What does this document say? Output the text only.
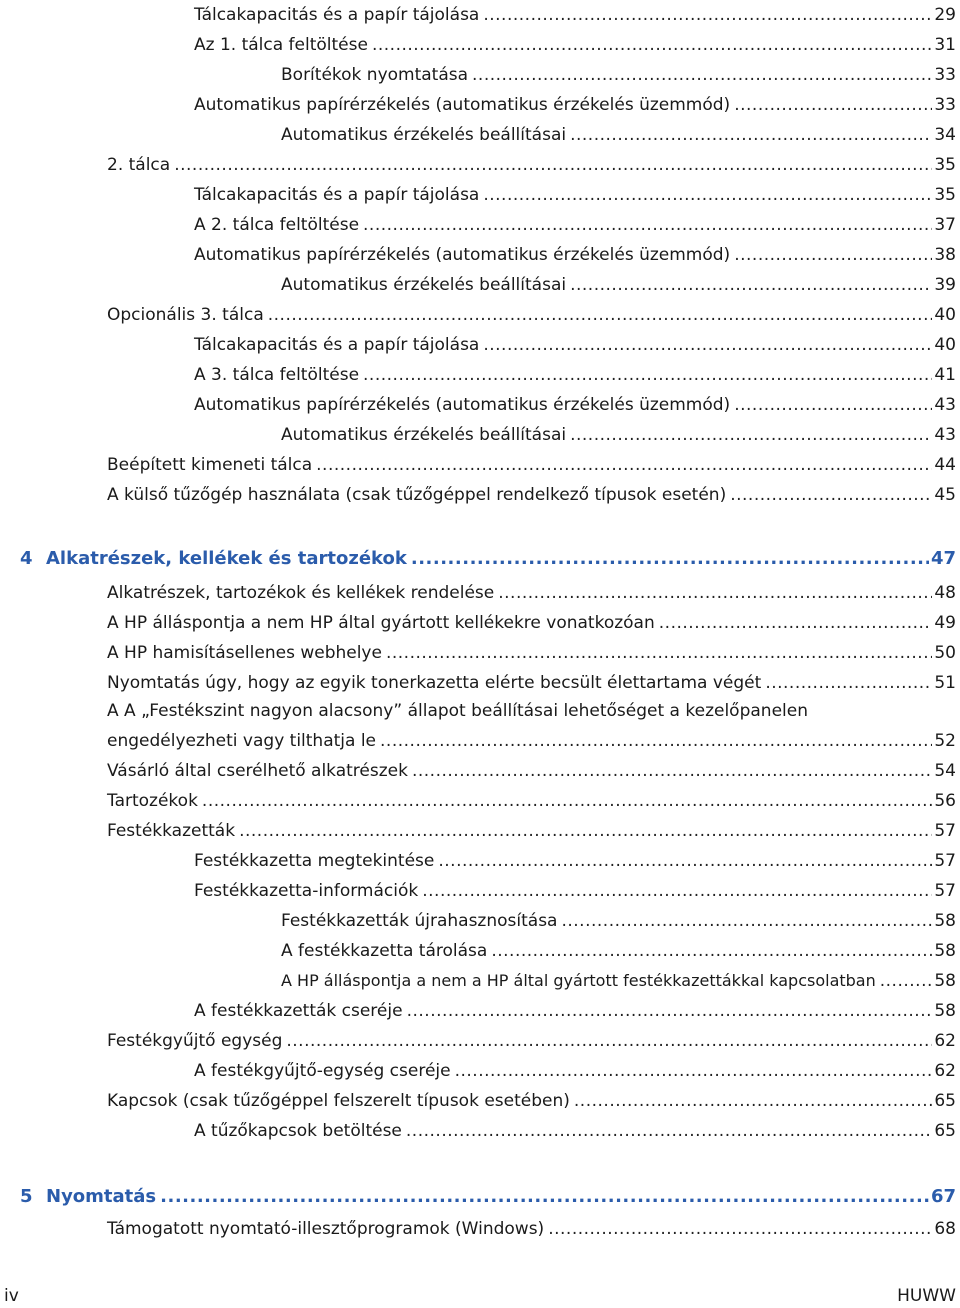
Tálcakapacitás és a papír tájolása .....	29
Az 1. tálca feltöltése .....	31
Borítékok nyomtatása .....	33
Automatikus papírérzékelés (automatikus érzékelés üzemmód) .....	33
Automatikus érzékelés beállításai .....	34
2. tálca .....	35
Tálcakapacitás és a papír tájolása .....	35
A 2. tálca feltöltése .....	37
Automatikus papírérzékelés (automatikus érzékelés üzemmód) .....	38
Automatikus érzékelés beállításai .....	39
Opcionális 3. tálca .....	40
Tálcakapacitás és a papír tájolása .....	40
A 3. tálca feltöltése .....	41
Automatikus papírérzékelés (automatikus érzékelés üzemmód) .....	43
Automatikus érzékelés beállításai .....	43
Beépített kimeneti tálca .....	44
A külső tűzőgép használata (csak tűzőgéppel rendelkező típusok esetén) .....	45
4 Alkatrészek, kellékek és tartozékok .....	47
Alkatrészek, tartozékok és kellékek rendelése .....	48
A HP álláspontja a nem HP által gyártott kellékekre vonatkozóan .....	49
A HP hamisításellenes webhelye .....	50
Nyomtatás úgy, hogy az egyik tonerkazetta elérte becsült élettartama végét .....	51
A A „Festékszint nagyon alacsony” állapot beállításai lehetőséget a kezelőpanelen
engedélyezheti vagy tilthatja le .....	52
Vásárló által cserélhető alkatrészek .....	54
Tartozékok .....	56
Festékkazetták .....	57
Festékkazetta megtekintése .....	57
Festékkazetta-információk .....	57
Festékkazetták újrahasznosítása .....	58
A festékkazetta tárolása .....	58
A HP álláspontja a nem a HP által gyártott festékkazettákkal kapcsolatban .....	58
A festékkazetták cseréje .....	58
Festékgyűjtő egység .....	62
A festékgyűjtő-egység cseréje .....	62
Kapcsok (csak tűzőgéppel felszerelt típusok esetében) .....	65
A tűzőkapcsok betöltése .....	65
5 Nyomtatás .....	67
Támogatott nyomtató-illesztőprogramok (Windows) .....	68
iv	HUWW
